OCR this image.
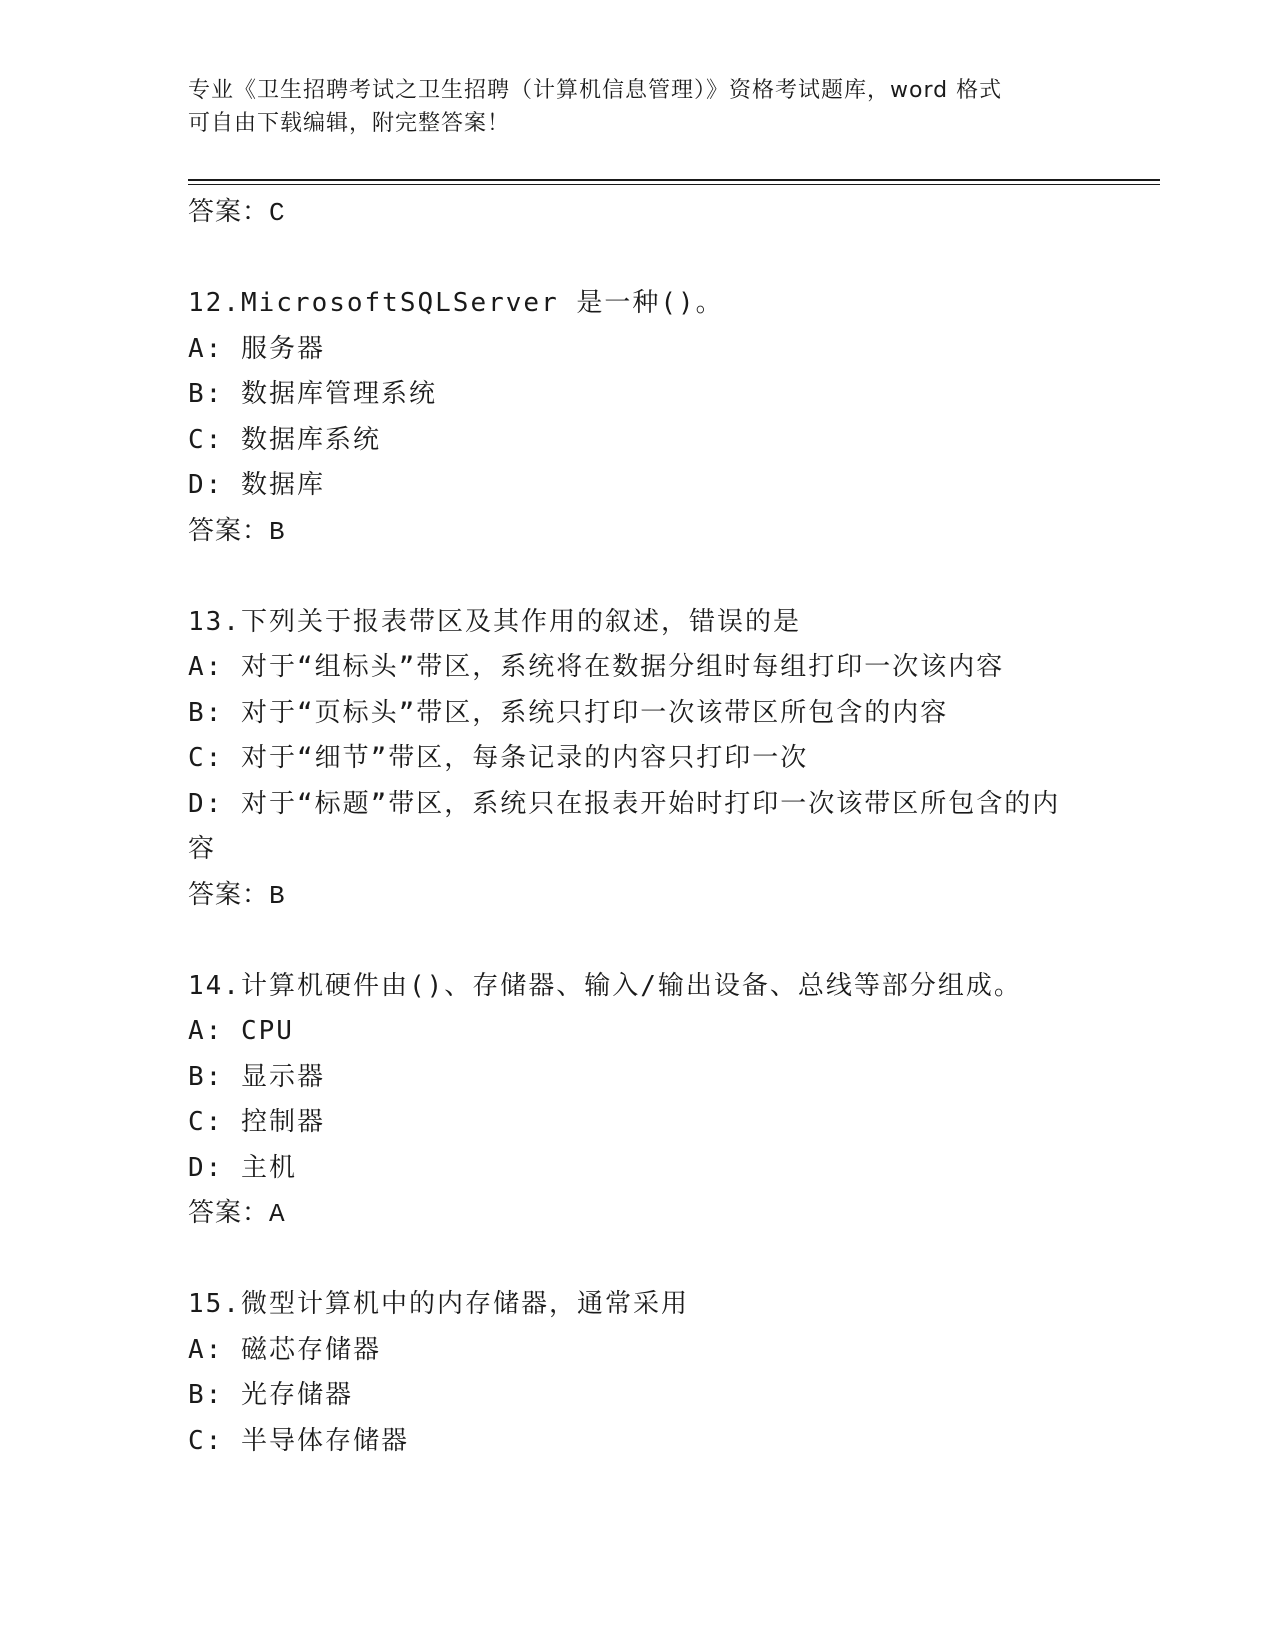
专业《卫生招聘考试之卫生招聘（计算机信息管理）》资格考试题库，word 格式
可自由下载编辑，附完整答案！
答案：C
12.MicrosoftSQLServer 是一种()。
A: 服务器
B: 数据库管理系统
C: 数据库系统
D: 数据库
答案：B
13.下列关于报表带区及其作用的叙述，错误的是
A: 对于“组标头”带区，系统将在数据分组时每组打印一次该内容
B: 对于“页标头”带区，系统只打印一次该带区所包含的内容
C: 对于“细节”带区，每条记录的内容只打印一次
D: 对于“标题”带区，系统只在报表开始时打印一次该带区所包含的内容
答案：B
14.计算机硬件由()、存储器、输入/输出设备、总线等部分组成。
A: CPU
B: 显示器
C: 控制器
D: 主机
答案：A
15.微型计算机中的内存储器，通常采用
A: 磁芯存储器
B: 光存储器
C: 半导体存储器
